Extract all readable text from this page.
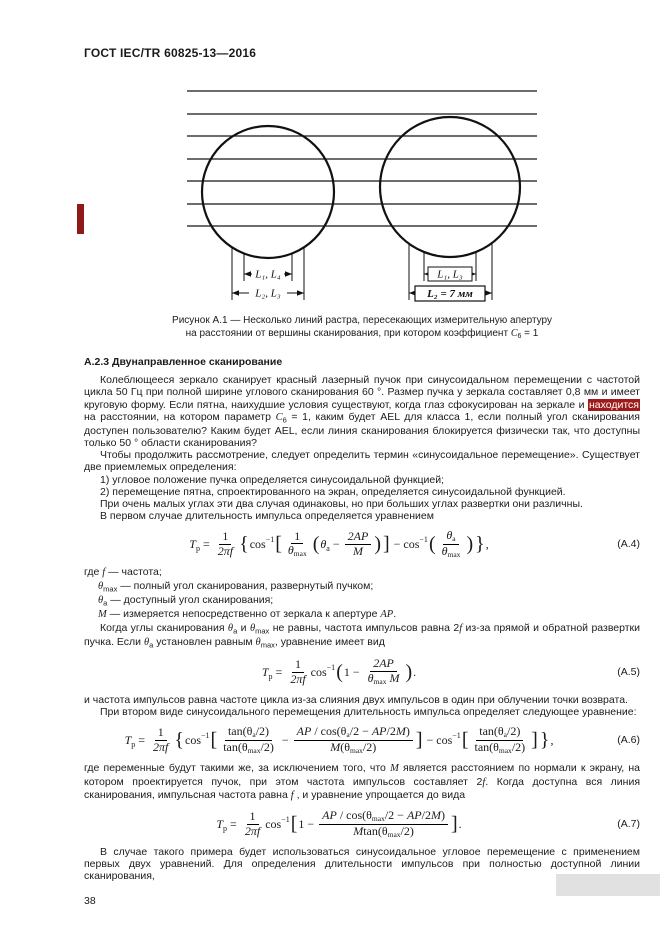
ГОСТ IEC/TR 60825-13—2016
L₁, L₄
L₂, L₃
L₁, L₃
L₂ = 7 мм
Рисунок А.1 — Несколько линий растра, пересекающих измерительную апертуру
на расстоянии от вершины сканирования, при котором коэффициент $С_6 = 1$
А.2.3 Двунаправленное сканирование

Колеблющееся зеркало сканирует красный лазерный пучок при синусоидальном перемещении с частотой цикла 50 Гц при полной ширине углового сканирования 60 °. Размер пучка у зеркала составляет 0,8 мм и имеет круговую форму. Если пятна, наихудшие условия существуют, когда глаз сфокусирован на зеркале и находится на расстоянии, на котором параметр $С_6 = 1$, каким будет AEL для класса 1, если полный угол сканирования доступен пользователю? Каким будет AEL, если линия сканирования блокируется физически так, что доступны только 50 ° области сканирования?

Чтобы продолжить рассмотрение, следует определить термин «синусоидальное перемещение». Существует две приемлемых определения:

1) угловое положение пучка определяется синусоидальной функцией;

2) перемещение пятна, спроектированного на экран, определяется синусоидальной функцией.

При очень малых углах эти два случая одинаковы, но при больших углах развертки они различны.

В первом случае длительность импульса определяется уравнением

T $p = \frac{1}{2\pi f}$ { cos −1 [ $\frac{1}{\theta\max}$ ( θ $a - \frac{2AP}{M}$ ) ] − cos −1 ( $\frac{\theta a}{\theta\max}$ ) } ,	(А.4)
где f — частота;
$\theta_{max}$ — полный угол сканирования, развернутый пучком;
$\theta_a$ — доступный угол сканирования;
М — измеряется непосредственно от зеркала к апертуре AP.

Когда углы сканирования $\theta_a$ и $\theta_{max}$ не равны, частота импульсов равна 2f из-за прямой и обратной развертки пучка. Если $\theta_a$ установлен равным $\theta_{max}$, уравнение имеет вид

T $p = \frac{1}{2\pi f}$ cos −1 ( $1 - \frac{2AP}{\text{θmax M}}$ ) .	(А.5)

и частота импульсов равна частоте цикла из-за слияния двух импульсов в один при облучении точки возврата.

При втором виде синусоидального перемещения длительность импульса определяет следующее уравнение:

T $p = \frac{1}{2\pi f}$ { cos −1 [ $\frac{\tan(\theta a/2)}{\tan(\theta\max/2)} - \frac{AP / \cos(\theta a/2 - AP/2M)}{M(\theta\max/2)}$ ] − cos −1 [ $\frac{\tan(\theta a/2)}{\tan(\theta\max/2)}$ ] } ,	(А.6)

где переменные будут такими же, за исключением того, что М является расстоянием по нормали к экрану, на котором проектируется пучок, при этом частота импульсов составляет 2f. Когда доступна вся линия сканирования, импульсная частота равна f , и уравнение упрощается до вида

T $p = \frac{1}{2\pi f}$ cos −1 [ $1 - \frac{AP / \cos(\theta\max/2 - AP/2M)}{Mtan(\theta\max/2)}$ ] .	(А.7)

В случае такого примера будет использоваться синусоидальное угловое перемещение с применением первых двух уравнений. Для определения длительности импульсов при полностью доступной линии сканирования,

38
